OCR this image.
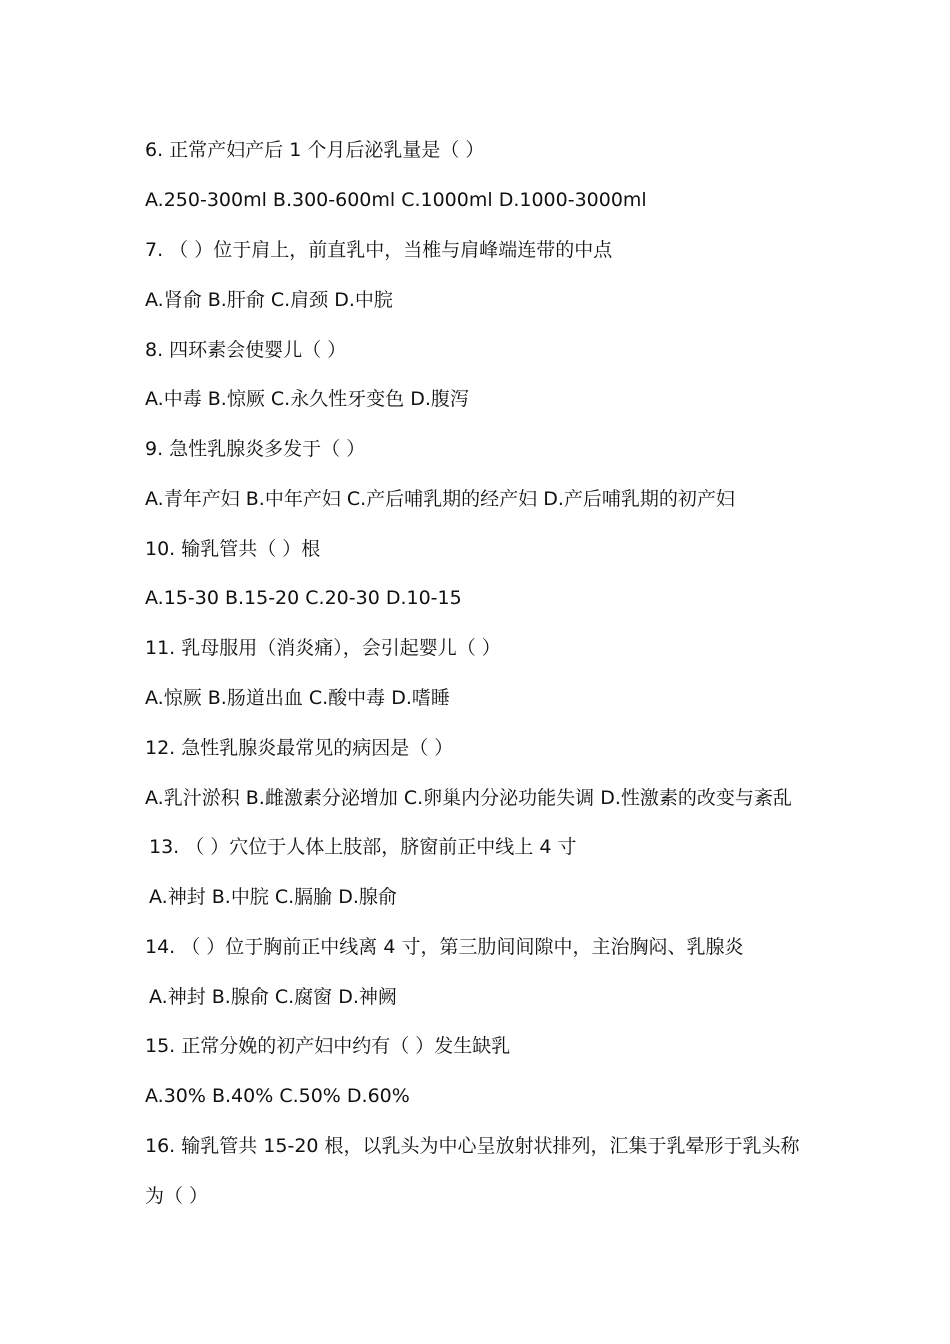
6. 正常产妇产后 1 个月后泌乳量是（ ）
A.250-300ml B.300-600ml C.1000ml D.1000-3000ml
7. （ ）位于肩上，前直乳中，当椎与肩峰端连带的中点
A.肾俞 B.肝俞 C.肩颈 D.中脘
8. 四环素会使婴儿（ ）
A.中毒 B.惊厥 C.永久性牙变色 D.腹泻
9. 急性乳腺炎多发于（ ）
A.青年产妇 B.中年产妇 C.产后哺乳期的经产妇 D.产后哺乳期的初产妇
10. 输乳管共（ ）根
A.15-30 B.15-20 C.20-30 D.10-15
11. 乳母服用（消炎痛），会引起婴儿（ ）
A.惊厥 B.肠道出血 C.酸中毒 D.嗜睡
12. 急性乳腺炎最常见的病因是（ ）
A.乳汁淤积 B.雌激素分泌增加 C.卵巢内分泌功能失调 D.性激素的改变与紊乱
13. （ ）穴位于人体上肢部，脐窗前正中线上 4 寸
A.神封 B.中脘 C.膈腧 D.腺俞
14. （ ）位于胸前正中线离 4 寸，第三肋间间隙中，主治胸闷、乳腺炎
A.神封 B.腺俞 C.腐窗 D.神阙
15. 正常分娩的初产妇中约有（ ）发生缺乳
A.30% B.40% C.50% D.60%
16. 输乳管共 15-20 根，以乳头为中心呈放射状排列，汇集于乳晕形于乳头称
为（ ）
